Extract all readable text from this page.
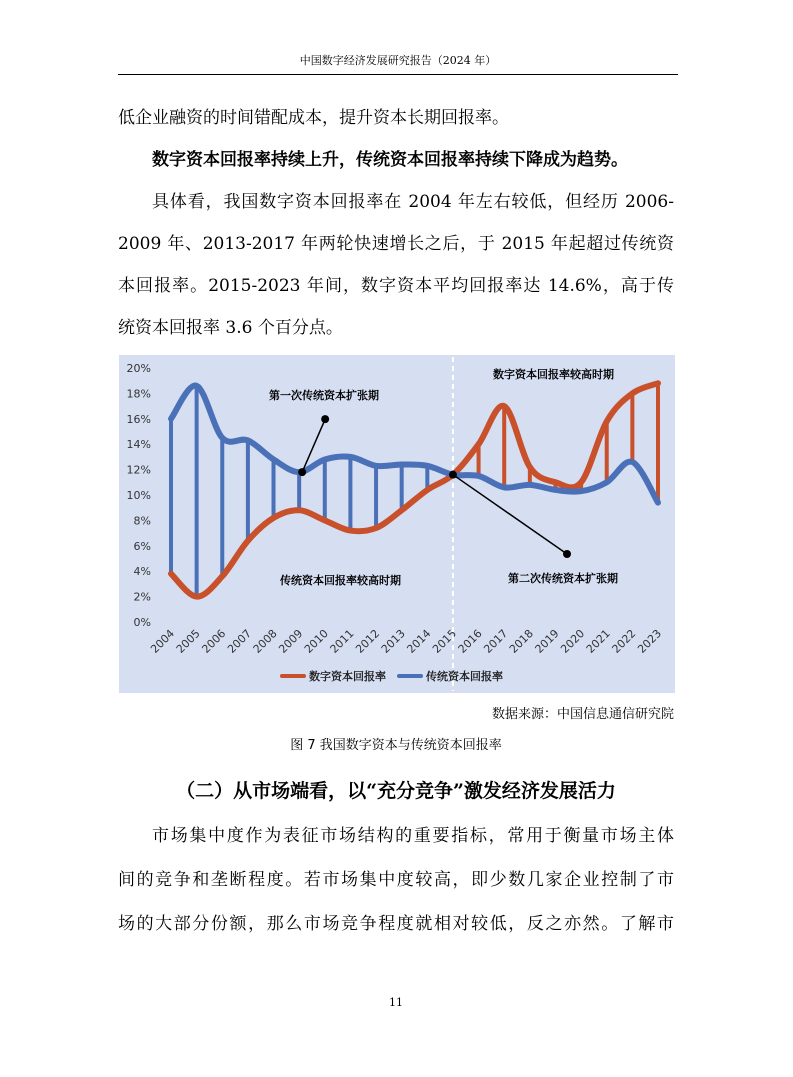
中国数字经济发展研究报告（2024 年）
低企业融资的时间错配成本，提升资本长期回报率。
数字资本回报率持续上升，传统资本回报率持续下降成为趋势。
具体看，我国数字资本回报率在 2004 年左右较低，但经历 2006-
2009 年、2013-2017 年两轮快速增长之后，于 2015 年起超过传统资
本回报率。2015-2023 年间，数字资本平均回报率达 14.6%，高于传
统资本回报率 3.6 个百分点。
0%
2%
4%
6%
8%
10%
12%
14%
16%
18%
20%
2004
2005
2006
2007
2008
2009
2010
2011
2012
2013
2014
2015
2016
2017
2018
2019
2020
2021
2022
2023
第一次传统资本扩张期
数字资本回报率较高时期
传统资本回报率较高时期	第二次传统资本扩张期
数字资本回报率	传统资本回报率
数据来源：中国信息通信研究院
图 7 我国数字资本与传统资本回报率
（二）从市场端看，以“充分竞争”激发经济发展活力
市场集中度作为表征市场结构的重要指标，常用于衡量市场主体
间的竞争和垄断程度。若市场集中度较高，即少数几家企业控制了市
场的大部分份额，那么市场竞争程度就相对较低，反之亦然。了解市
11
